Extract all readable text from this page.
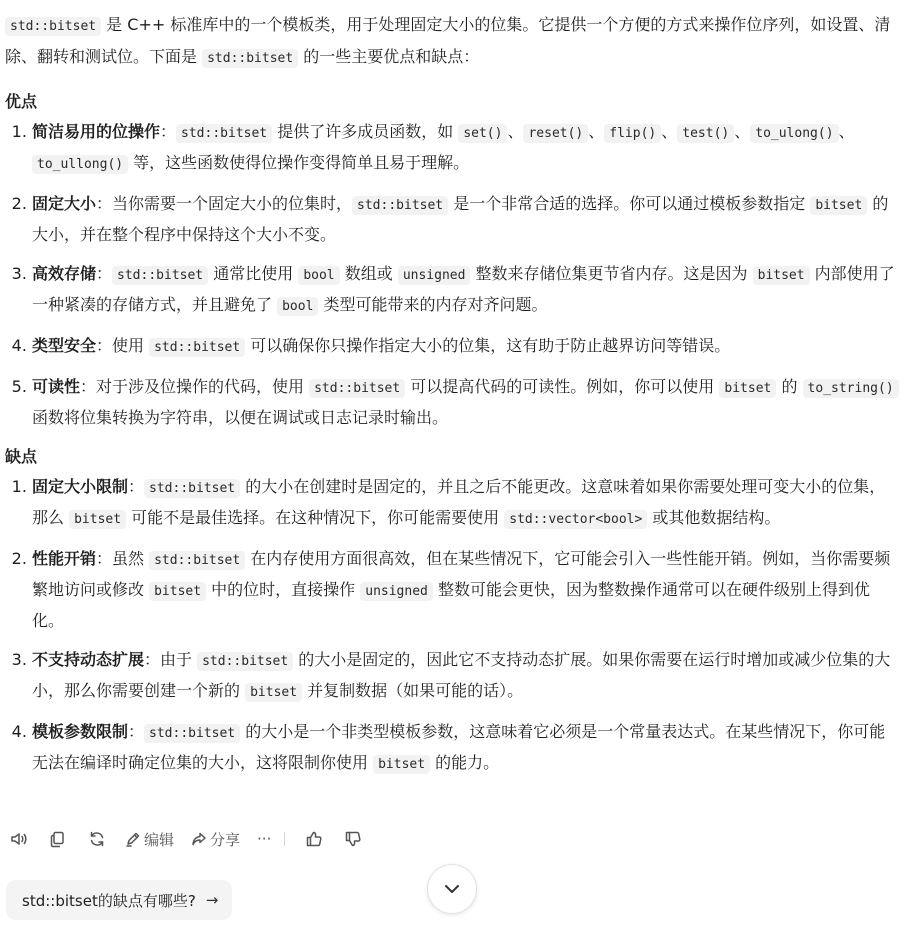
std::bitset 是 C++ 标准库中的一个模板类，用于处理固定大小的位集。它提供一个方便的方式来操作位序列，如设置、清除、翻转和测试位。下面是 std::bitset 的一些主要优点和缺点：

优点
1. 简洁易用的位操作： std::bitset 提供了许多成员函数，如 set() 、 reset() 、 flip() 、 test() 、 to_ulong() 、to_ullong() 等，这些函数使得位操作变得简单且易于理解。
2. 固定大小：当你需要一个固定大小的位集时， std::bitset 是一个非常合适的选择。你可以通过模板参数指定 bitset 的大小，并在整个程序中保持这个大小不变。
3. 高效存储： std::bitset 通常比使用 bool 数组或 unsigned 整数来存储位集更节省内存。这是因为 bitset 内部使用了一种紧凑的存储方式，并且避免了 bool 类型可能带来的内存对齐问题。
4. 类型安全：使用 std::bitset 可以确保你只操作指定大小的位集，这有助于防止越界访问等错误。
5. 可读性：对于涉及位操作的代码，使用 std::bitset 可以提高代码的可读性。例如，你可以使用 bitset 的 to_string() 函数将位集转换为字符串，以便在调试或日志记录时输出。
缺点
1. 固定大小限制： std::bitset 的大小在创建时是固定的，并且之后不能更改。这意味着如果你需要处理可变大小的位集，那么 bitset 可能不是最佳选择。在这种情况下，你可能需要使用 std::vector<bool> 或其他数据结构。
2. 性能开销：虽然 std::bitset 在内存使用方面很高效，但在某些情况下，它可能会引入一些性能开销。例如，当你需要频繁地访问或修改 bitset 中的位时，直接操作 unsigned 整数可能会更快，因为整数操作通常可以在硬件级别上得到优化。
3. 不支持动态扩展：由于 std::bitset 的大小是固定的，因此它不支持动态扩展。如果你需要在运行时增加或减少位集的大小，那么你需要创建一个新的 bitset 并复制数据（如果可能的话）。
4. 模板参数限制： std::bitset 的大小是一个非类型模板参数，这意味着它必须是一个常量表达式。在某些情况下，你可能无法在编译时确定位集的大小，这将限制你使用 bitset 的能力。
编辑 分享 ···
std::bitset的缺点有哪些? →
